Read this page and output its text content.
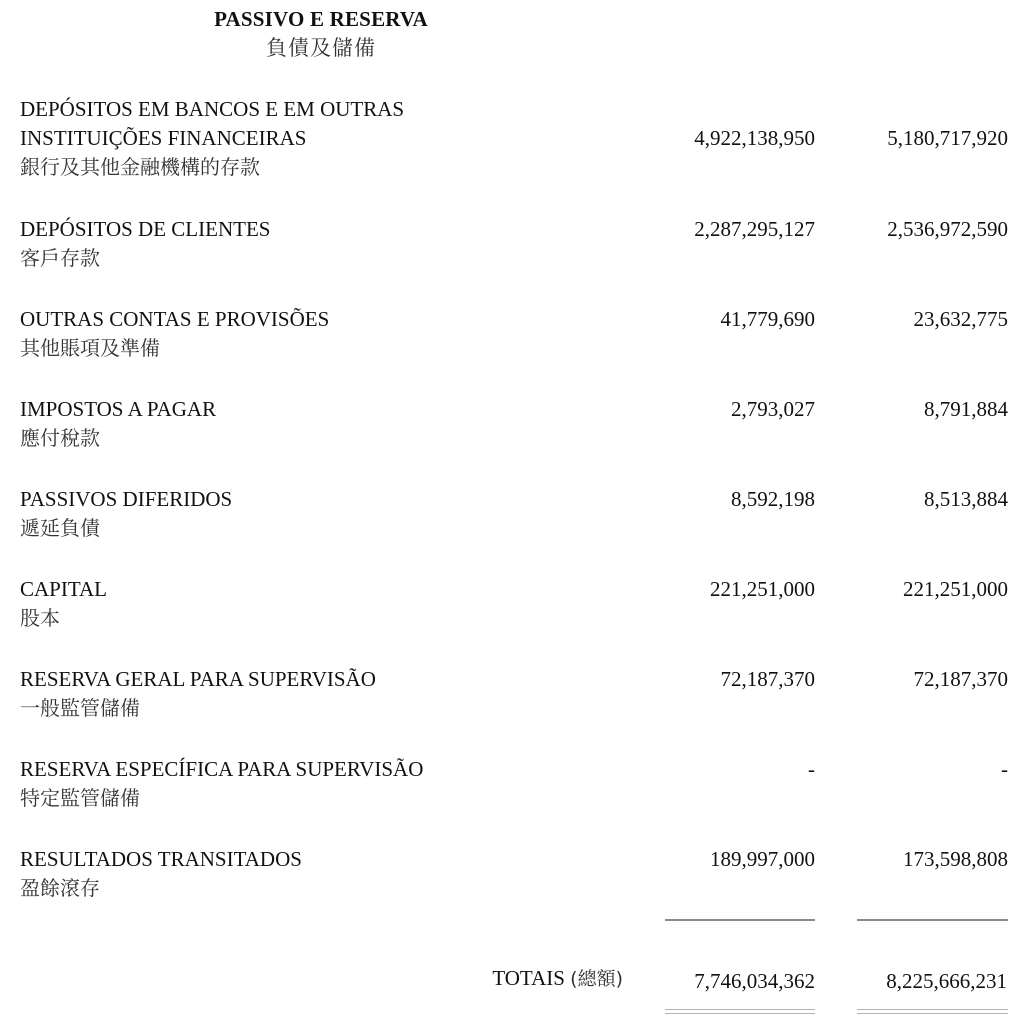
PASSIVO E RESERVA
負債及儲備
DEPÓSITOS EM BANCOS E EM OUTRAS
INSTITUIÇÕES FINANCEIRAS
銀行及其他金融機構的存款
4,922,138,950	5,180,717,920
DEPÓSITOS DE CLIENTES
客戶存款
2,287,295,127	2,536,972,590
OUTRAS CONTAS E PROVISÕES
其他賬項及準備
41,779,690	23,632,775
IMPOSTOS A PAGAR
應付稅款
2,793,027	8,791,884
PASSIVOS DIFERIDOS
遞延負債
8,592,198	8,513,884
CAPITAL
股本
221,251,000	221,251,000
RESERVA GERAL PARA SUPERVISÃO
一般監管儲備
72,187,370	72,187,370
RESERVA ESPECÍFICA PARA SUPERVISÃO
特定監管儲備
-	-
RESULTADOS TRANSITADOS
盈餘滾存
189,997,000	173,598,808
TOTAIS (總額)	7,746,034,362	8,225,666,231
